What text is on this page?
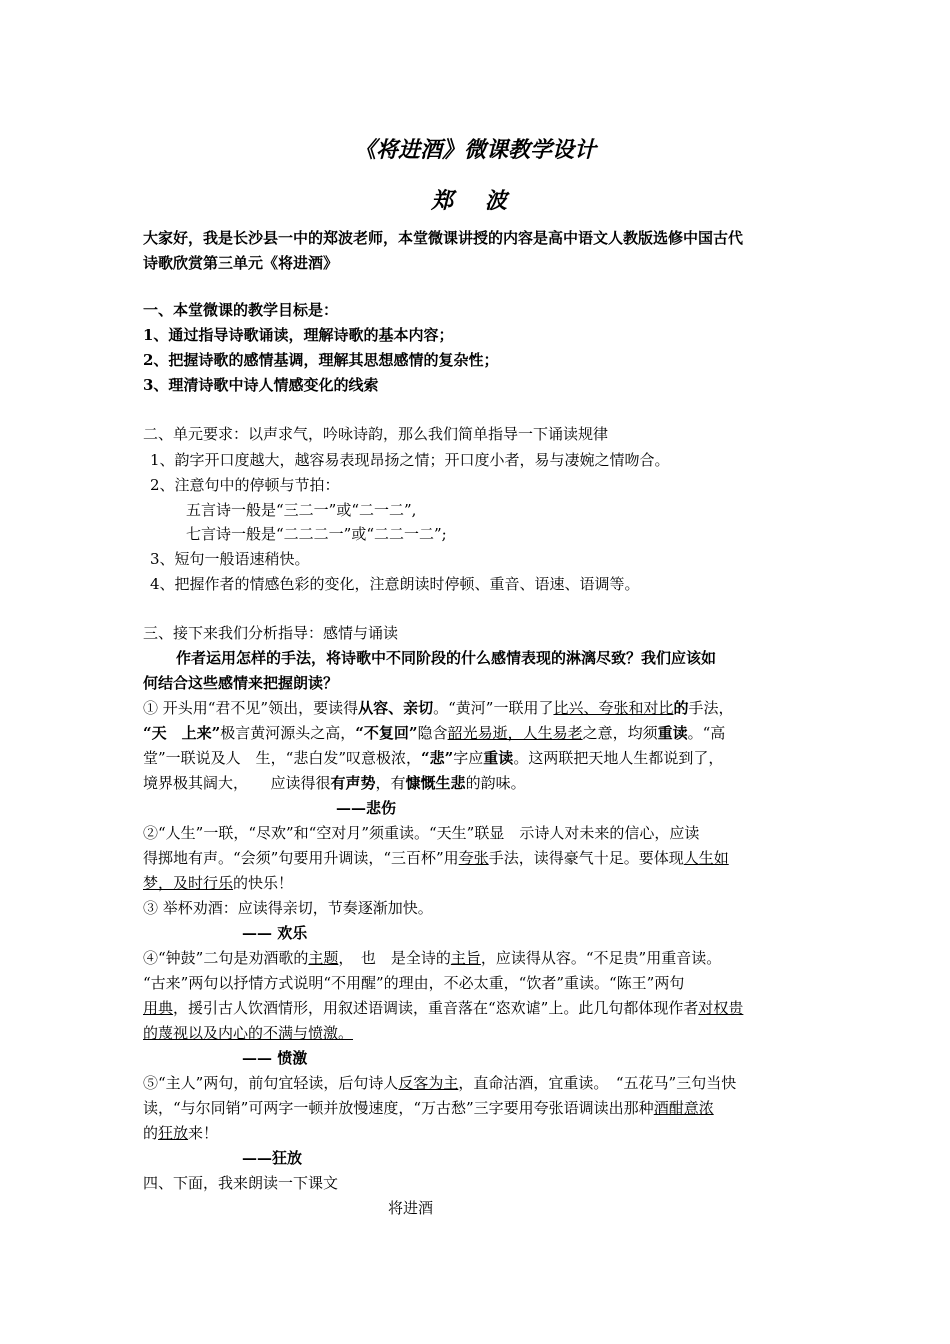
《将进酒》微课教学设计
郑 波
大家好，我是长沙县一中的郑波老师，本堂微课讲授的内容是高中语文人教版选修中国古代
诗歌欣赏第三单元《将进酒》
一、本堂微课的教学目标是：
1、通过指导诗歌诵读，理解诗歌的基本内容；
2、把握诗歌的感情基调，理解其思想感情的复杂性；
3、理清诗歌中诗人情感变化的线索
二、单元要求：以声求气，吟咏诗韵，那么我们简单指导一下诵读规律
1、韵字开口度越大，越容易表现昂扬之情；开口度小者，易与凄婉之情吻合。
2、注意句中的停顿与节拍：
五言诗一般是“三二一”或“二一二”,
七言诗一般是“二二二一”或“二二一二”;
3、短句一般语速稍快。
4、把握作者的情感色彩的变化，注意朗读时停顿、重音、语速、语调等。
三、接下来我们分析指导：感情与诵读
作者运用怎样的手法，将诗歌中不同阶段的什么感情表现的淋漓尽致？我们应该如
何结合这些感情来把握朗读？
① 开头用“君不见”领出，要读得从容、亲切。“黄河”一联用了比兴、夸张和对比的手法，
“天　上来”极言黄河源头之高，“不复回”隐含韶光易逝，人生易老之意，均须重读。“高
堂”一联说及人　生，“悲白发”叹意极浓，“悲”字应重读。这两联把天地人生都说到了，
境界极其阔大，　　应读得很有声势，有慷慨生悲的韵味。
——悲伤
②“人生”一联，“尽欢”和“空对月”须重读。“天生”联显　示诗人对未来的信心，应读
得掷地有声。“会须”句要用升调读，“三百杯”用夸张手法，读得豪气十足。要体现人生如
梦，及时行乐的快乐！
③ 举杯劝酒：应读得亲切，节奏逐渐加快。
—— 欢乐
④“钟鼓”二句是劝酒歌的主题，　也　是全诗的主旨，应读得从容。“不足贵”用重音读。
“古来”两句以抒情方式说明“不用醒”的理由，不必太重，“饮者”重读。“陈王”两句
用典，援引古人饮酒情形，用叙述语调读，重音落在“恣欢谑”上。此几句都体现作者对权贵
的蔑视以及内心的不满与愤激。
—— 愤激
⑤“主人”两句，前句宜轻读，后句诗人反客为主，直命沽酒，宜重读。　“五花马”三句当快
读，“与尔同销”可两字一顿并放慢速度，“万古愁”三字要用夸张语调读出那种酒酣意浓
的狂放来！
——狂放
四、下面，我来朗读一下课文
将进酒
